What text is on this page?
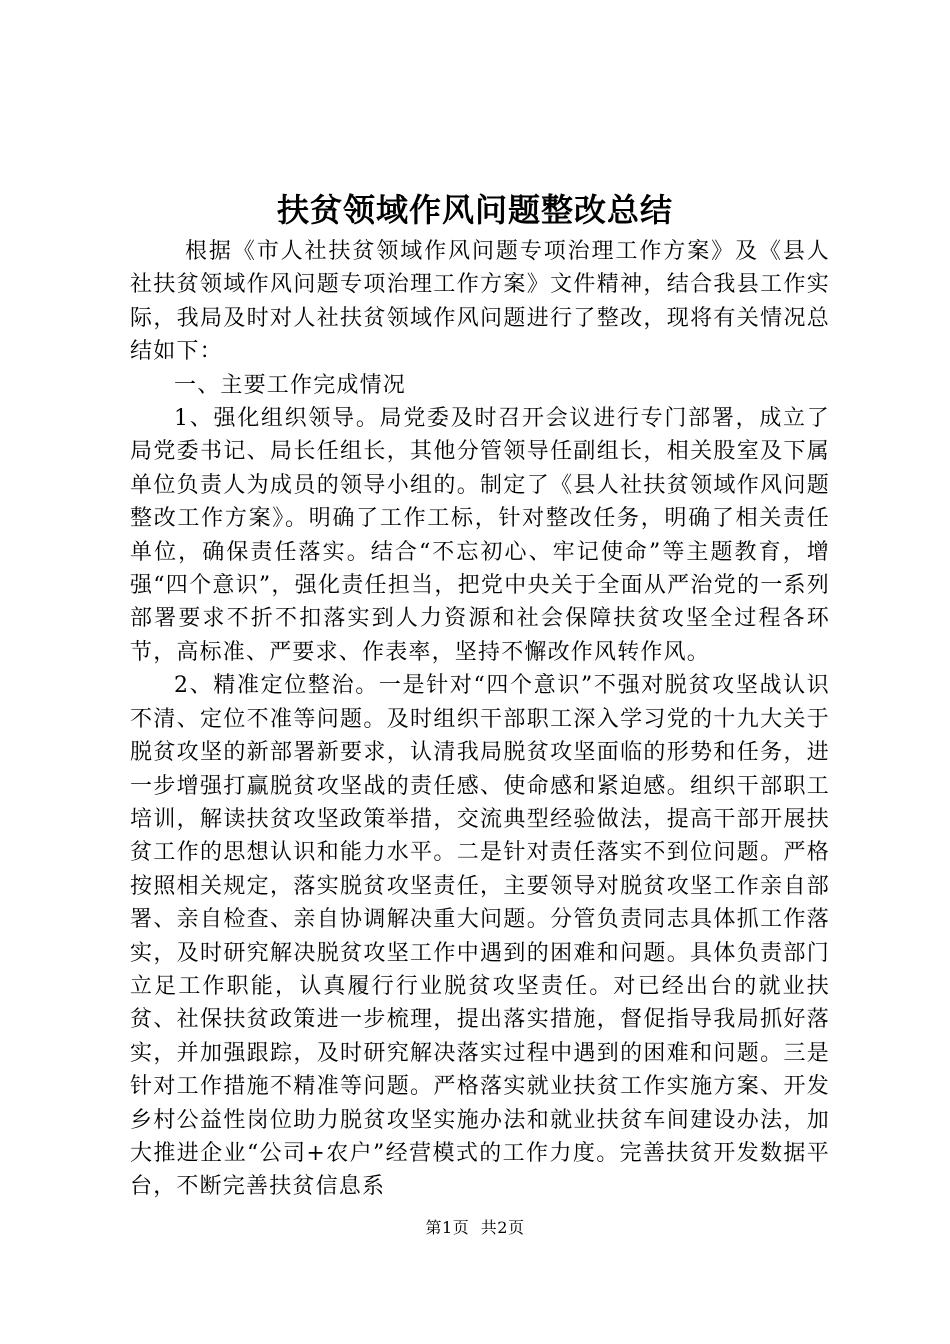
扶贫领域作风问题整改总结

根据《市人社扶贫领域作风问题专项治理工作方案》及《县人社扶贫领域作风问题专项治理工作方案》文件精神，结合我县工作实际，我局及时对人社扶贫领域作风问题进行了整改，现将有关情况总结如下：

一、主要工作完成情况

1、强化组织领导。局党委及时召开会议进行专门部署，成立了局党委书记、局长任组长，其他分管领导任副组长，相关股室及下属单位负责人为成员的领导小组的。制定了《县人社扶贫领域作风问题整改工作方案》。明确了工作工标，针对整改任务，明确了相关责任单位，确保责任落实。结合“不忘初心、牢记使命”等主题教育，增强“四个意识”，强化责任担当，把党中央关于全面从严治党的一系列部署要求不折不扣落实到人力资源和社会保障扶贫攻坚全过程各环节，高标准、严要求、作表率，坚持不懈改作风转作风。

2、精准定位整治。一是针对“四个意识”不强对脱贫攻坚战认识不清、定位不准等问题。及时组织干部职工深入学习党的十九大关于脱贫攻坚的新部署新要求，认清我局脱贫攻坚面临的形势和任务，进一步增强打赢脱贫攻坚战的责任感、使命感和紧迫感。组织干部职工培训，解读扶贫攻坚政策举措，交流典型经验做法，提高干部开展扶贫工作的思想认识和能力水平。二是针对责任落实不到位问题。严格按照相关规定，落实脱贫攻坚责任，主要领导对脱贫攻坚工作亲自部署、亲自检查、亲自协调解决重大问题。分管负责同志具体抓工作落实，及时研究解决脱贫攻坚工作中遇到的困难和问题。具体负责部门立足工作职能，认真履行行业脱贫攻坚责任。对已经出台的就业扶贫、社保扶贫政策进一步梳理，提出落实措施，督促指导我局抓好落实，并加强跟踪，及时研究解决落实过程中遇到的困难和问题。三是针对工作措施不精准等问题。严格落实就业扶贫工作实施方案、开发乡村公益性岗位助力脱贫攻坚实施办法和就业扶贫车间建设办法，加大推进企业“公司+农户”经营模式的工作力度。完善扶贫开发数据平台，不断完善扶贫信息系

第1页 共2页
